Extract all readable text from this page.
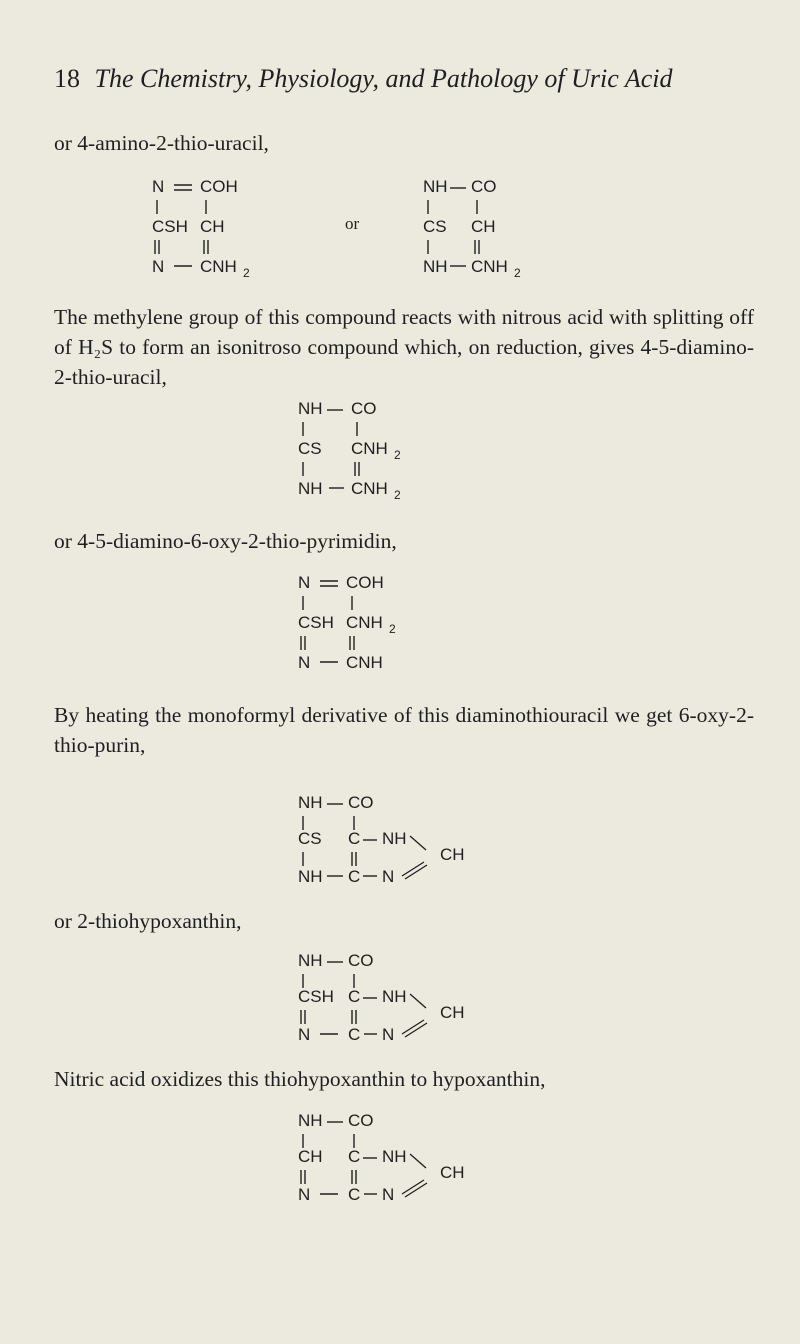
18 The Chemistry, Physiology, and Pathology of Uric Acid

or 4-amino-2-thio-uracil,

N COH
CSH CH
N CNH 2
or
NH CO
CS CH
NH CNH 2

The methylene group of this compound reacts with nitrous acid with splitting off of H₂S to form an isonitroso compound which, on reduction, gives 4-5-diamino-2-thio-uracil,

NH CO
CS CNH 2
NH CNH 2

or 4-5-diamino-6-oxy-2-thio-pyrimidin,

N COH
CSH CNH 2
N CNH

By heating the monoformyl derivative of this diaminothiouracil we get 6-oxy-2-thio-purin,

NH CO
CS C NH
CH
NH C N

or 2-thiohypoxanthin,

NH CO
CSH C NH
CH
N C N

Nitric acid oxidizes this thiohypoxanthin to hypoxanthin,

NH CO
CH C NH
CH
N C N
